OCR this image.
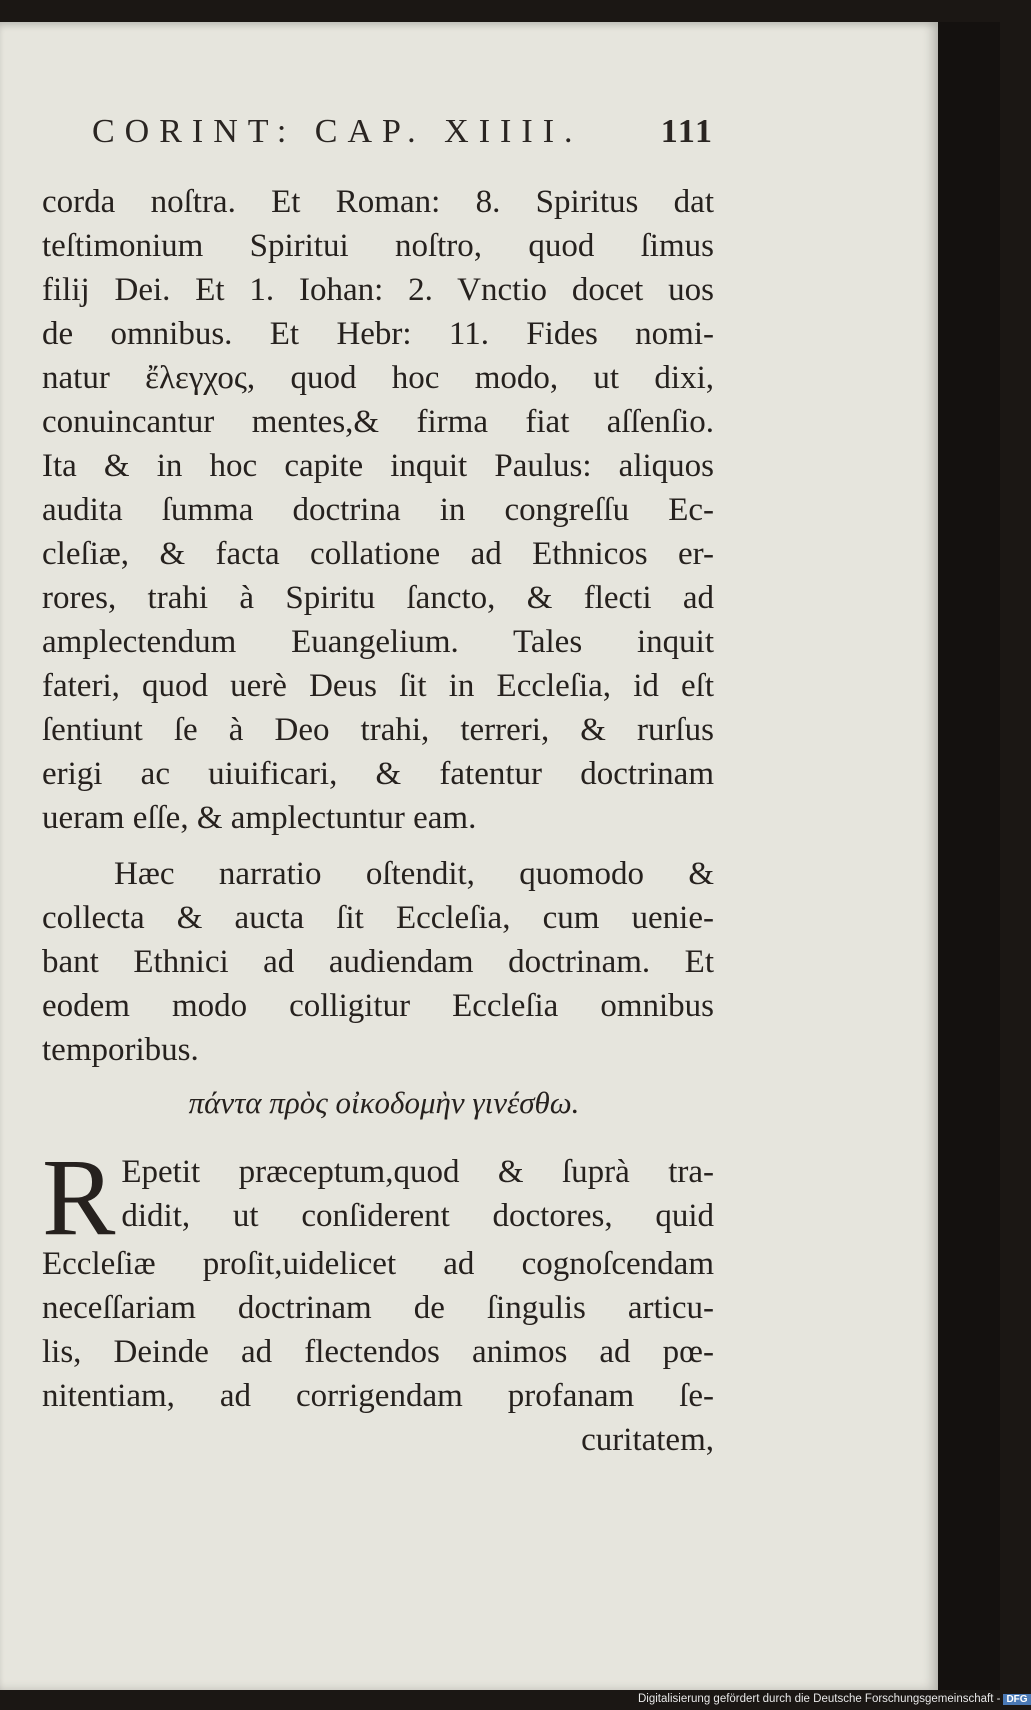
CORINT: CAP. XIIII. 111
corda noſtra. Et Roman: 8. Spiritus dat
teſtimonium Spiritui noſtro, quod ſimus
filij Dei. Et 1. Iohan: 2. Vnctio docet uos
de omnibus. Et Hebr: 11. Fides nomi-
natur ἔλεγχος, quod hoc modo, ut dixi,
conuincantur mentes,& firma fiat aſſenſio.
Ita & in hoc capite inquit Paulus: aliquos
audita ſumma doctrina in congreſſu Ec-
cleſiæ, & facta collatione ad Ethnicos er-
rores, trahi à Spiritu ſancto, & flecti ad
amplectendum Euangelium. Tales inquit
fateri, quod uerè Deus ſit in Eccleſia, id eſt
ſentiunt ſe à Deo trahi, terreri, & rurſus
erigi ac uiuificari, & fatentur doctrinam
ueram eſſe, & amplectuntur eam.
Hæc narratio oſtendit, quomodo &
collecta & aucta ſit Eccleſia, cum ueniе-
bant Ethnici ad audiendam doctrinam. Et
eodem modo colligitur Eccleſia omnibus
temporibus.
πάντα πρὸς οἰκοδομὴν γινέσθω.
R Epetit præceptum,quod & ſuprà tra-
didit, ut conſiderent doctores, quid
Eccleſiæ proſit,uidelicet ad cognoſcendam
neceſſariam doctrinam de ſingulis articu-
lis, Deinde ad flectendos animos ad pœ-
nitentiam, ad corrigendam profanam ſe-
curitatem,
Digitalisierung gefördert durch die Deutsche Forschungsgemeinschaft - DFG
